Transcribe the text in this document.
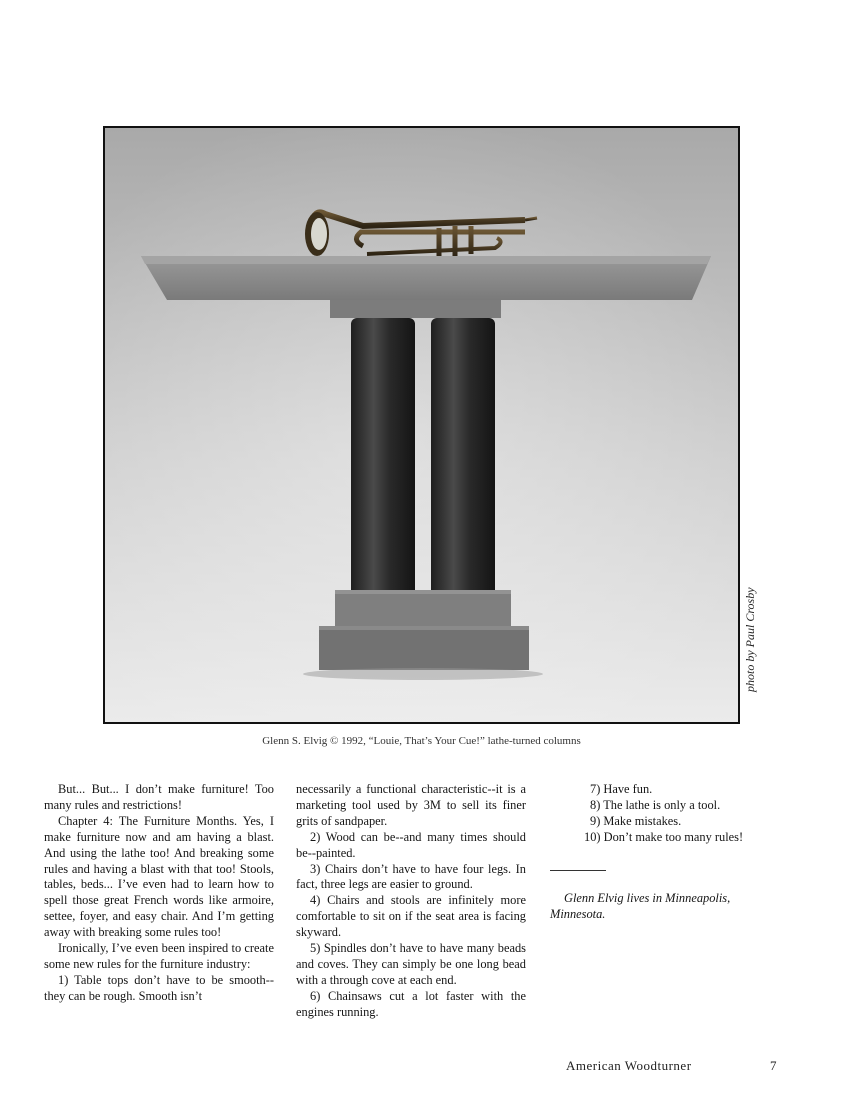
photo by Paul Crosby
Glenn S. Elvig © 1992, “Louie, That’s Your Cue!” lathe-turned columns

But... But... I don’t make furniture! Too many rules and restrictions!

Chapter 4: The Furniture Months. Yes, I make furniture now and am having a blast. And using the lathe too! And breaking some rules and having a blast with that too! Stools, tables, beds... I’ve even had to learn how to spell those great French words like armoire, settee, foyer, and easy chair. And I’m getting away with breaking some rules too!

Ironically, I’ve even been inspired to create some new rules for the furniture industry:

1) Table tops don’t have to be smooth--they can be rough. Smooth isn’t

necessarily a functional characteristic--it is a marketing tool used by 3M to sell its finer grits of sandpaper.

2) Wood can be--and many times should be--painted.

3) Chairs don’t have to have four legs. In fact, three legs are easier to ground.

4) Chairs and stools are infinitely more comfortable to sit on if the seat area is facing skyward.

5) Spindles don’t have to have many beads and coves. They can simply be one long bead with a through cove at each end.

6) Chainsaws cut a lot faster with the engines running.

7) Have fun.

8) The lathe is only a tool.

9) Make mistakes.

10) Don’t make too many rules!

Glenn Elvig lives in Minneapolis, Minnesota.

American Woodturner	7
